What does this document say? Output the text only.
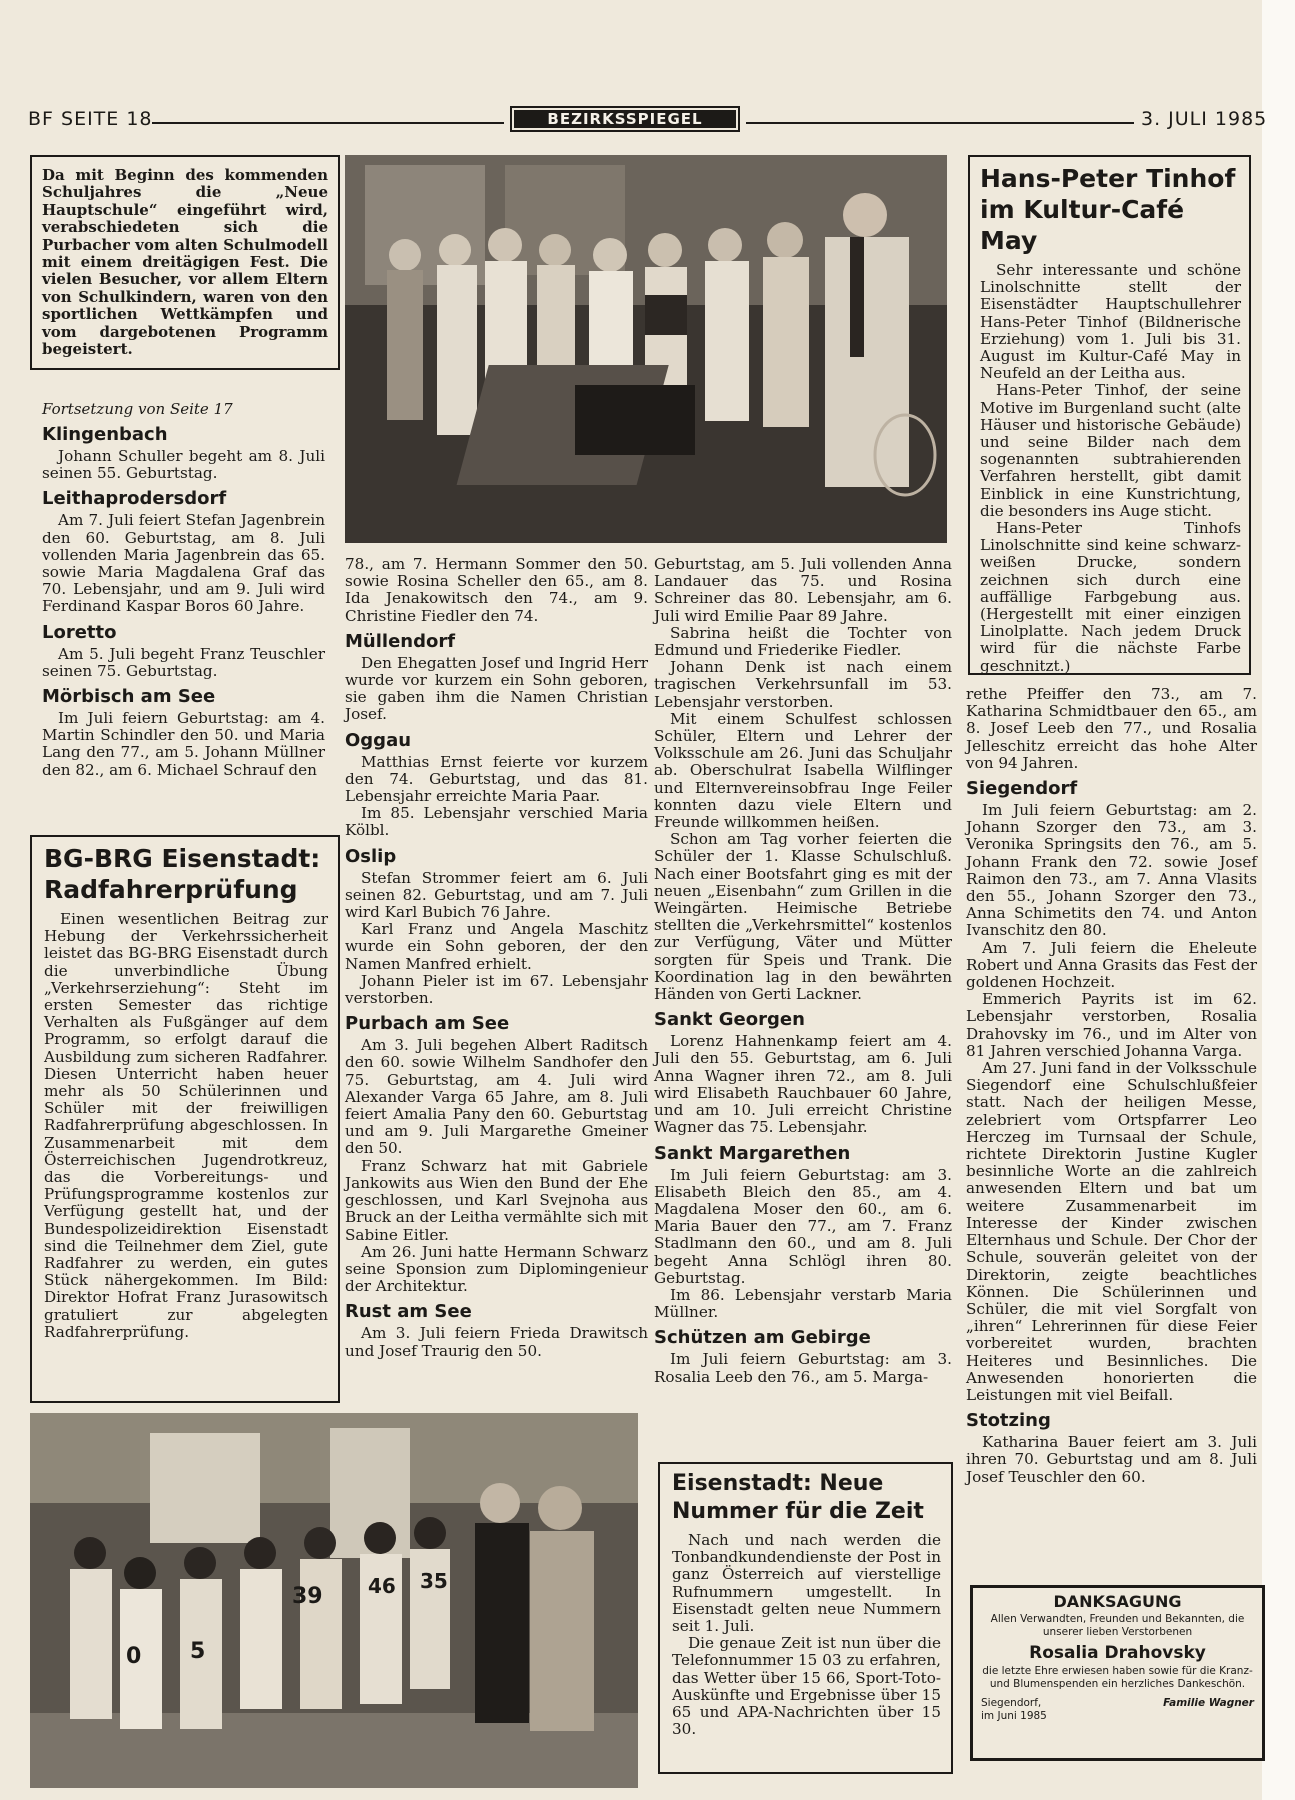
BF SEITE 18	BEZIRKSSPIEGEL	3. JULI 1985
Da mit Beginn des kommenden Schuljahres die „Neue Hauptschule“ eingeführt wird, verabschiedeten sich die Purbacher vom alten Schulmodell mit einem dreitägigen Fest. Die vielen Besucher, vor allem Eltern von Schulkindern, waren von den sportlichen Wettkämpfen und vom dargebotenen Programm begeistert.
Fortsetzung von Seite 17
Klingenbach

Johann Schuller begeht am 8. Juli seinen 55. Geburtstag.

Leithaprodersdorf

Am 7. Juli feiert Stefan Jagenbrein den 60. Geburtstag, am 8. Juli vollenden Maria Jagenbrein das 65. sowie Maria Magdalena Graf das 70. Lebensjahr, und am 9. Juli wird Ferdinand Kaspar Boros 60 Jahre.

Loretto

Am 5. Juli begeht Franz Teuschler seinen 75. Geburtstag.

Mörbisch am See

Im Juli feiern Geburtstag: am 4. Martin Schindler den 50. und Maria Lang den 77., am 5. Johann Müllner den 82., am 6. Michael Schrauf den

BG-BRG Eisenstadt: Radfahrerprüfung

Einen wesentlichen Beitrag zur Hebung der Verkehrssicherheit leistet das BG-BRG Eisenstadt durch die unverbindliche Übung „Verkehrserziehung“: Steht im ersten Semester das richtige Verhalten als Fußgänger auf dem Programm, so erfolgt darauf die Ausbildung zum sicheren Radfahrer. Diesen Unterricht haben heuer mehr als 50 Schülerinnen und Schüler mit der freiwilligen Radfahrerprüfung abgeschlossen. In Zusammenarbeit mit dem Österreichischen Jugendrotkreuz, das die Vorbereitungs- und Prüfungsprogramme kostenlos zur Verfügung gestellt hat, und der Bundespolizeidirektion Eisenstadt sind die Teilnehmer dem Ziel, gute Radfahrer zu werden, ein gutes Stück nähergekommen. Im Bild: Direktor Hofrat Franz Jurasowitsch gratuliert zur abgelegten Radfahrerprüfung.

0 5
39 46 35

78., am 7. Hermann Sommer den 50. sowie Rosina Scheller den 65., am 8. Ida Jenakowitsch den 74., am 9. Christine Fiedler den 74.

Müllendorf

Den Ehegatten Josef und Ingrid Herr wurde vor kurzem ein Sohn geboren, sie gaben ihm die Namen Christian Josef.

Oggau

Matthias Ernst feierte vor kurzem den 74. Geburtstag, und das 81. Lebensjahr erreichte Maria Paar.

Im 85. Lebensjahr verschied Maria Kölbl.

Oslip

Stefan Strommer feiert am 6. Juli seinen 82. Geburtstag, und am 7. Juli wird Karl Bubich 76 Jahre.

Karl Franz und Angela Maschitz wurde ein Sohn geboren, der den Namen Manfred erhielt.

Johann Pieler ist im 67. Lebensjahr verstorben.

Purbach am See

Am 3. Juli begehen Albert Raditsch den 60. sowie Wilhelm Sandhofer den 75. Geburtstag, am 4. Juli wird Alexander Varga 65 Jahre, am 8. Juli feiert Amalia Pany den 60. Geburtstag und am 9. Juli Margarethe Gmeiner den 50.

Franz Schwarz hat mit Gabriele Jankowits aus Wien den Bund der Ehe geschlossen, und Karl Svejnoha aus Bruck an der Leitha vermählte sich mit Sabine Eitler.

Am 26. Juni hatte Hermann Schwarz seine Sponsion zum Diplomingenieur der Architektur.

Rust am See

Am 3. Juli feiern Frieda Drawitsch und Josef Traurig den 50.

Geburtstag, am 5. Juli vollenden Anna Landauer das 75. und Rosina Schreiner das 80. Lebensjahr, am 6. Juli wird Emilie Paar 89 Jahre.

Sabrina heißt die Tochter von Edmund und Friederike Fiedler.

Johann Denk ist nach einem tragischen Verkehrsunfall im 53. Lebensjahr verstorben.

Mit einem Schulfest schlossen Schüler, Eltern und Lehrer der Volksschule am 26. Juni das Schuljahr ab. Oberschulrat Isabella Wilflinger und Elternvereinsobfrau Inge Feiler konnten dazu viele Eltern und Freunde willkommen heißen.

Schon am Tag vorher feierten die Schüler der 1. Klasse Schulschluß. Nach einer Bootsfahrt ging es mit der neuen „Eisenbahn“ zum Grillen in die Weingärten. Heimische Betriebe stellten die „Verkehrsmittel“ kostenlos zur Verfügung, Väter und Mütter sorgten für Speis und Trank. Die Koordination lag in den bewährten Händen von Gerti Lackner.

Sankt Georgen

Lorenz Hahnenkamp feiert am 4. Juli den 55. Geburtstag, am 6. Juli Anna Wagner ihren 72., am 8. Juli wird Elisabeth Rauchbauer 60 Jahre, und am 10. Juli erreicht Christine Wagner das 75. Lebensjahr.

Sankt Margarethen

Im Juli feiern Geburtstag: am 3. Elisabeth Bleich den 85., am 4. Magdalena Moser den 60., am 6. Maria Bauer den 77., am 7. Franz Stadlmann den 60., und am 8. Juli begeht Anna Schlögl ihren 80. Geburtstag.

Im 86. Lebensjahr verstarb Maria Müllner.

Schützen am Gebirge

Im Juli feiern Geburtstag: am 3. Rosalia Leeb den 76., am 5. Marga-

Eisenstadt: Neue Nummer für die Zeit

Nach und nach werden die Tonbandkundendienste der Post in ganz Österreich auf vierstellige Rufnummern umgestellt. In Eisenstadt gelten neue Nummern seit 1. Juli.

Die genaue Zeit ist nun über die Telefonnummer 15 03 zu erfahren, das Wetter über 15 66, Sport-Toto-Auskünfte und Ergebnisse über 15 65 und APA-Nachrichten über 15 30.

Hans-Peter Tinhof im Kultur-Café May

Sehr interessante und schöne Linolschnitte stellt der Eisenstädter Hauptschullehrer Hans-Peter Tinhof (Bildnerische Erziehung) vom 1. Juli bis 31. August im Kultur-Café May in Neufeld an der Leitha aus.

Hans-Peter Tinhof, der seine Motive im Burgenland sucht (alte Häuser und historische Gebäude) und seine Bilder nach dem sogenannten subtrahierenden Verfahren herstellt, gibt damit Einblick in eine Kunstrichtung, die besonders ins Auge sticht.

Hans-Peter Tinhofs Linolschnitte sind keine schwarz-weißen Drucke, sondern zeichnen sich durch eine auffällige Farbgebung aus. (Hergestellt mit einer einzigen Linolplatte. Nach jedem Druck wird für die nächste Farbe geschnitzt.)

rethe Pfeiffer den 73., am 7. Katharina Schmidtbauer den 65., am 8. Josef Leeb den 77., und Rosalia Jelleschitz erreicht das hohe Alter von 94 Jahren.

Siegendorf

Im Juli feiern Geburtstag: am 2. Johann Szorger den 73., am 3. Veronika Springsits den 76., am 5. Johann Frank den 72. sowie Josef Raimon den 73., am 7. Anna Vlasits den 55., Johann Szorger den 73., Anna Schimetits den 74. und Anton Ivanschitz den 80.

Am 7. Juli feiern die Eheleute Robert und Anna Grasits das Fest der goldenen Hochzeit.

Emmerich Payrits ist im 62. Lebensjahr verstorben, Rosalia Drahovsky im 76., und im Alter von 81 Jahren verschied Johanna Varga.

Am 27. Juni fand in der Volksschule Siegendorf eine Schulschlußfeier statt. Nach der heiligen Messe, zelebriert vom Ortspfarrer Leo Herczeg im Turnsaal der Schule, richtete Direktorin Justine Kugler besinnliche Worte an die zahlreich anwesenden Eltern und bat um weitere Zusammenarbeit im Interesse der Kinder zwischen Elternhaus und Schule. Der Chor der Schule, souverän geleitet von der Direktorin, zeigte beachtliches Können. Die Schülerinnen und Schüler, die mit viel Sorgfalt von „ihren“ Lehrerinnen für diese Feier vorbereitet wurden, brachten Heiteres und Besinnliches. Die Anwesenden honorierten die Leistungen mit viel Beifall.

Stotzing

Katharina Bauer feiert am 3. Juli ihren 70. Geburtstag und am 8. Juli Josef Teuschler den 60.

DANKSAGUNG
Allen Verwandten, Freunden und Bekannten, die unserer lieben Verstorbenen
Rosalia Drahovsky
die letzte Ehre erwiesen haben sowie für die Kranz- und Blumenspenden ein herzliches Dankeschön.
Siegendorf,
im Juni 1985
Familie Wagner
